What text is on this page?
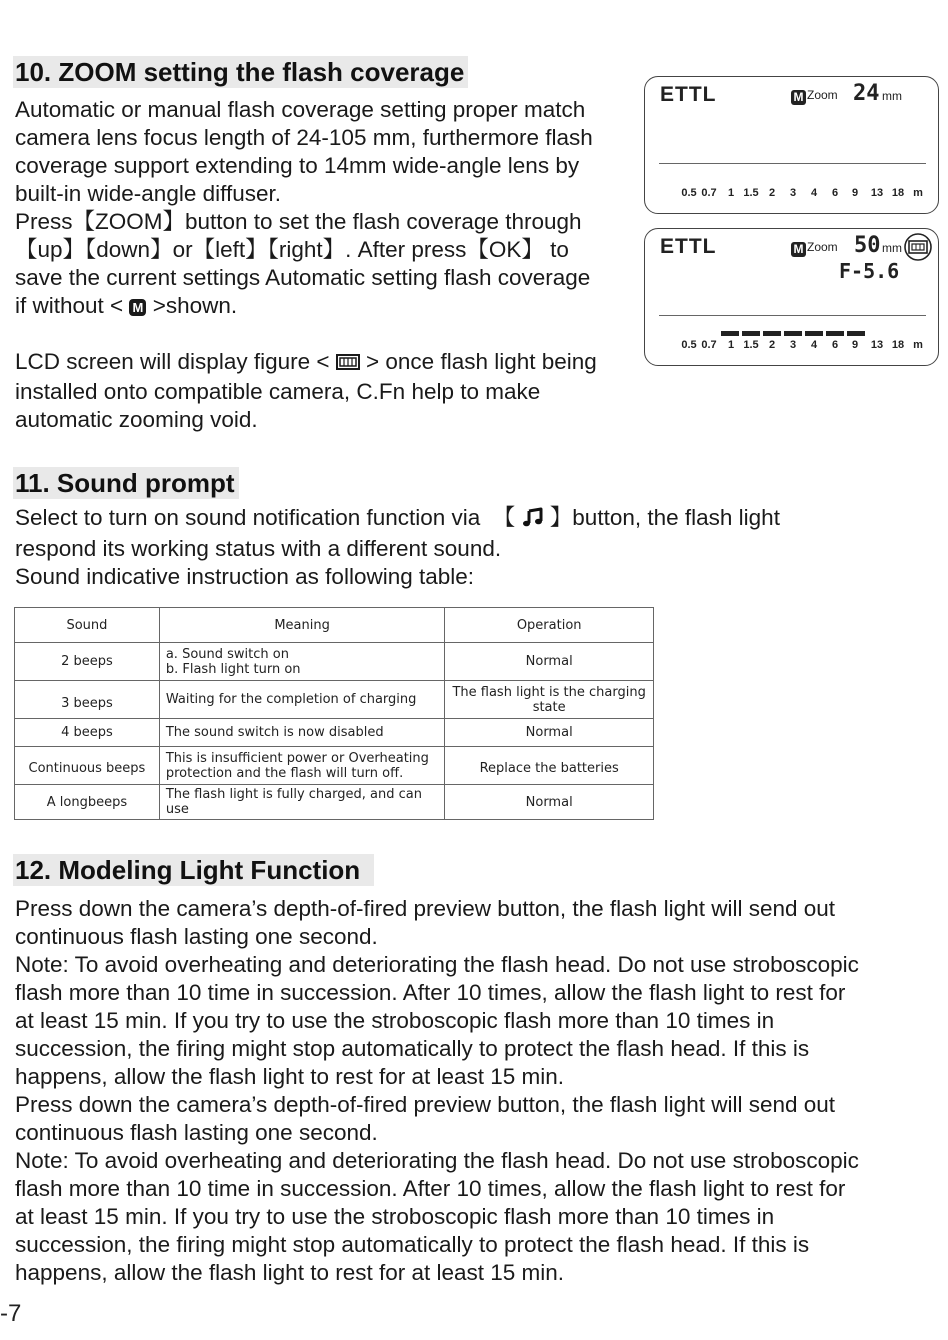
10. ZOOM setting the flash coverage
Automatic or manual flash coverage setting proper match
camera lens focus length of 24-105 mm, furthermore flash
coverage support extending to 14mm wide-angle lens by
built-in wide-angle diffuser.
Press【ZOOM】button to set the flash coverage through
【up】【down】or【left】【right】. After press【OK】 to
save the current settings Automatic setting flash coverage
if without < M >shown.

LCD screen will display figure <  > once flash light being
installed onto compatible camera, C.Fn help to make
automatic zooming void.
ETTL	M Zoom 24 mm
0.5 0.7 1 1.5 2 3 4 6 9 13 18 m
ETTL	M Zoom 50 mm
F-5.6
0.5 0.7 1 1.5 2 3 4 6 9 13 18 m
11. Sound prompt
Select to turn on sound notification function via  【  】button, the flash light
respond its working status with a different sound.
Sound indicative instruction as following table:
Sound	Meaning	Operation
2 beeps	a. Sound switch on
b. Flash light turn on	Normal
3 beeps	Waiting for the completion of charging	The flash light is the charging
state

4 beeps	The sound switch is now disabled	Normal
Continuous beeps	This is insufficient power or Overheating
protection and the flash will turn off.	Replace the batteries
A longbeeps	The flash light is fully charged, and can use	Normal
12. Modeling Light Function
Press down the camera’s depth-of-fired preview button, the flash light will send out
continuous flash lasting one second.
Note: To avoid overheating and deteriorating the flash head. Do not use stroboscopic
flash more than 10 time in succession. After 10 times, allow the flash light to rest for
at least 15 min. If you try to use the stroboscopic flash more than 10 times in
succession, the firing might stop automatically to protect the flash head. If this is
happens, allow the flash light to rest for at least 15 min.
Press down the camera’s depth-of-fired preview button, the flash light will send out
continuous flash lasting one second.
Note: To avoid overheating and deteriorating the flash head. Do not use stroboscopic
flash more than 10 time in succession. After 10 times, allow the flash light to rest for
at least 15 min. If you try to use the stroboscopic flash more than 10 times in
succession, the firing might stop automatically to protect the flash head. If this is
happens, allow the flash light to rest for at least 15 min.
-7
